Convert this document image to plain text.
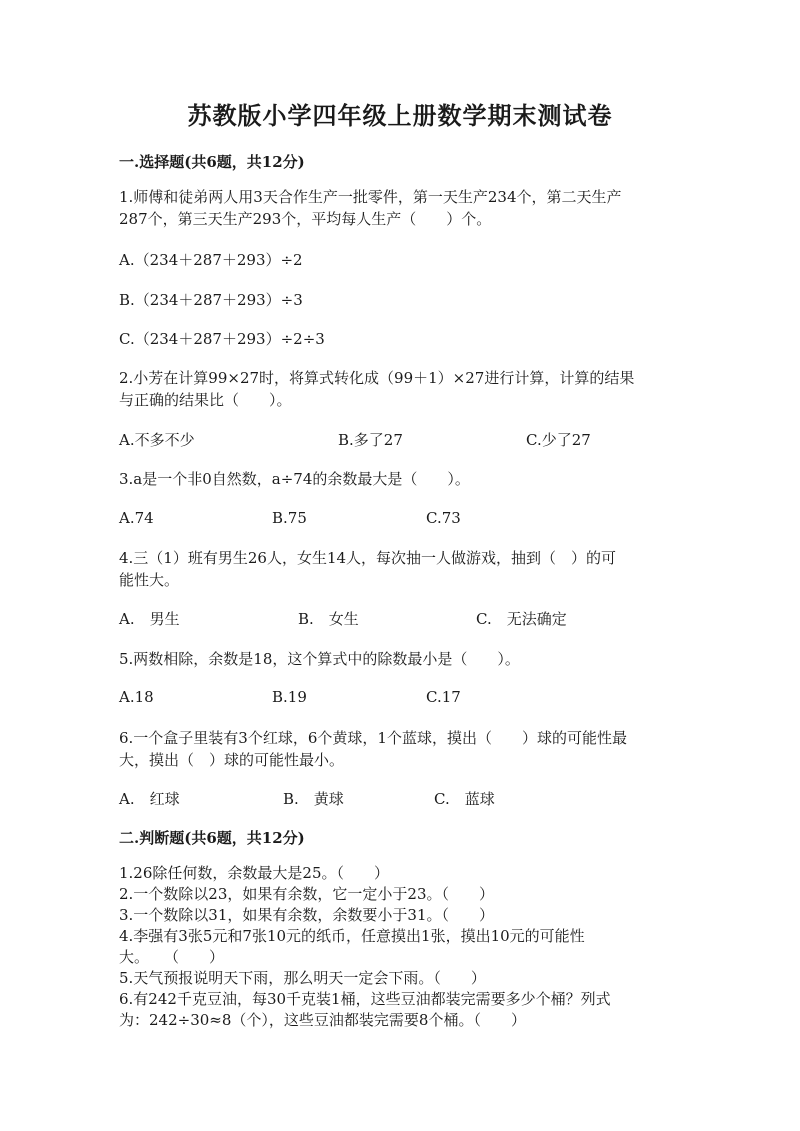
苏教版小学四年级上册数学期末测试卷
一.选择题(共6题，共12分)
1.师傅和徒弟两人用3天合作生产一批零件，第一天生产234个，第二天生产
287个，第三天生产293个，平均每人生产（　　）个。
A.（234＋287＋293）÷2
B.（234＋287＋293）÷3
C.（234＋287＋293）÷2÷3
2.小芳在计算99×27时，将算式转化成（99＋1）×27进行计算，计算的结果
与正确的结果比（　　）。
A.不多不少	B.多了27	C.少了27
3.a是一个非0自然数，a÷74的余数最大是（　　）。
A.74	B.75	C.73
4.三（1）班有男生26人，女生14人，每次抽一人做游戏，抽到（　）的可
能性大。
A.　男生	B.　女生	C.　无法确定
5.两数相除，余数是18，这个算式中的除数最小是（　　）。
A.18	B.19	C.17
6.一个盒子里装有3个红球，6个黄球，1个蓝球，摸出（　　）球的可能性最
大，摸出（　）球的可能性最小。
A.　红球	B.　黄球	C.　蓝球
二.判断题(共6题，共12分)
1.26除任何数，余数最大是25。（　　）
2.一个数除以23，如果有余数，它一定小于23。（　　）
3.一个数除以31，如果有余数，余数要小于31。（　　）
4.李强有3张5元和7张10元的纸币，任意摸出1张，摸出10元的可能性
大。　　（　　）
5.天气预报说明天下雨，那么明天一定会下雨。（　　）
6.有242千克豆油，每30千克装1桶，这些豆油都装完需要多少个桶？列式
为：242÷30≈8（个），这些豆油都装完需要8个桶。（　　）
